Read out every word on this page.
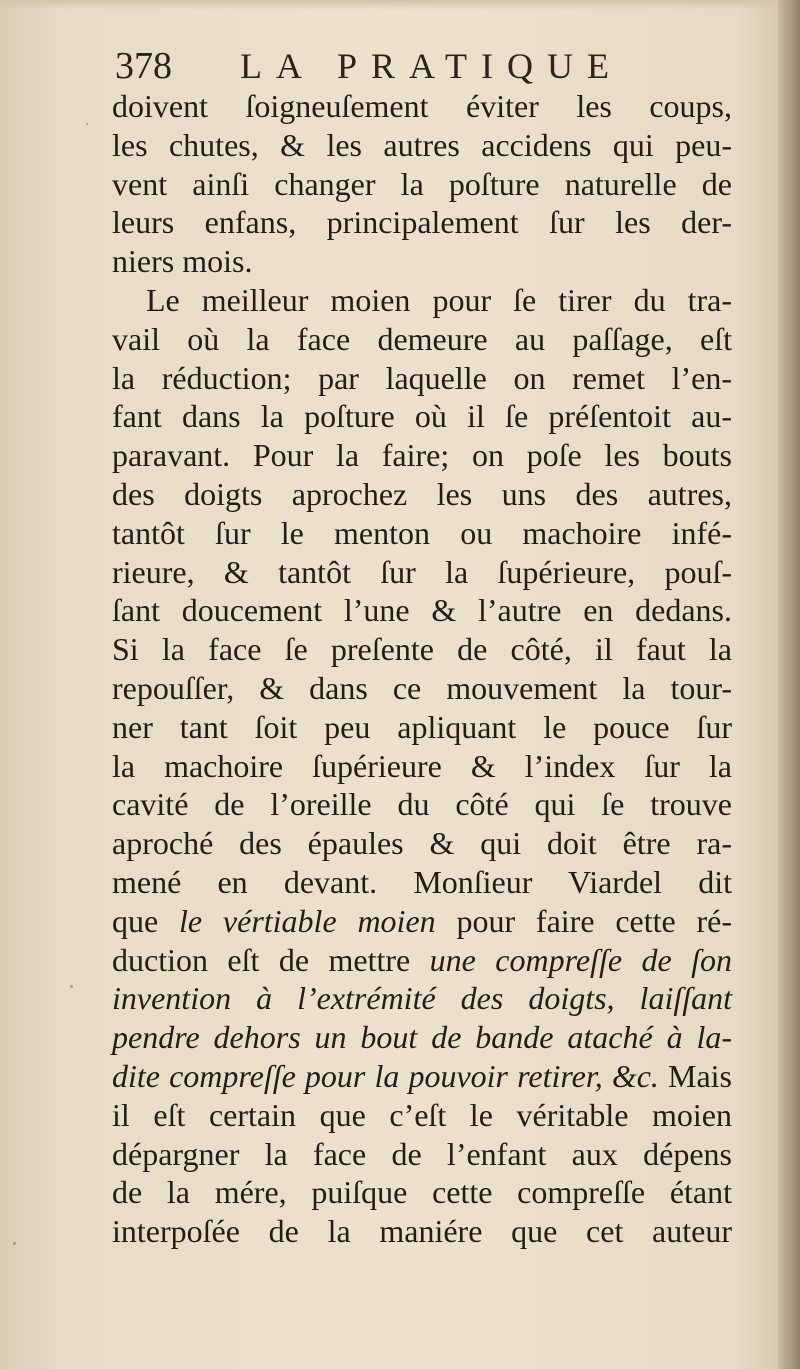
378 LA PRATIQUE
doivent ſoigneuſement éviter les coups,
les chutes, & les autres accidens qui peu-
vent ainſi changer la poſture naturelle de
leurs enfans, principalement ſur les der-
niers mois.
Le meilleur moien pour ſe tirer du tra-
vail où la face demeure au paſſage, eſt
la réduction; par laquelle on remet l’en-
fant dans la poſture où il ſe préſentoit au-
paravant. Pour la faire; on poſe les bouts
des doigts aprochez les uns des autres,
tantôt ſur le menton ou machoire infé-
rieure, & tantôt ſur la ſupérieure, pouſ-
ſant doucement l’une & l’autre en dedans.
Si la face ſe preſente de côté, il faut la
repouſſer, & dans ce mouvement la tour-
ner tant ſoit peu apliquant le pouce ſur
la machoire ſupérieure & l’index ſur la
cavité de l’oreille du côté qui ſe trouve
aproché des épaules & qui doit être ra-
mené en devant. Monſieur Viardel dit
que le vértiable moien pour faire cette ré-
duction eſt de mettre une compreſſe de ſon
invention à l’extrémité des doigts, laiſſant
pendre dehors un bout de bande ataché à la-
dite compreſſe pour la pouvoir retirer, &c. Mais
il eſt certain que c’eſt le véritable moien
dépargner la face de l’enfant aux dépens
de la mére, puiſque cette compreſſe étant
interpoſée de la maniére que cet auteur
